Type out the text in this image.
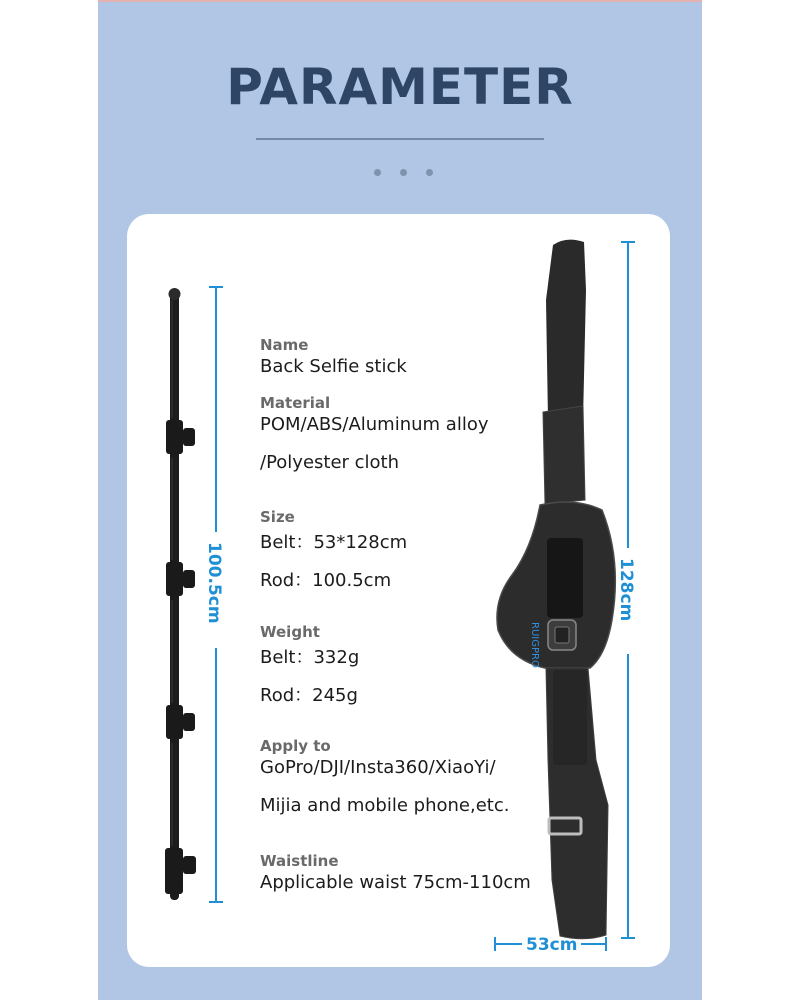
PARAMETER
100.5cm
RUIGPRO
128cm
53cm
Name
Back Selfie stick
Material
POM/ABS/Aluminum alloy
/Polyester cloth
Size
Belt：53*128cm
Rod：100.5cm
Weight
Belt：332g
Rod：245g
Apply to
GoPro/DJI/Insta360/XiaoYi/
Mijia and mobile phone,etc.
Waistline
Applicable waist 75cm-110cm
